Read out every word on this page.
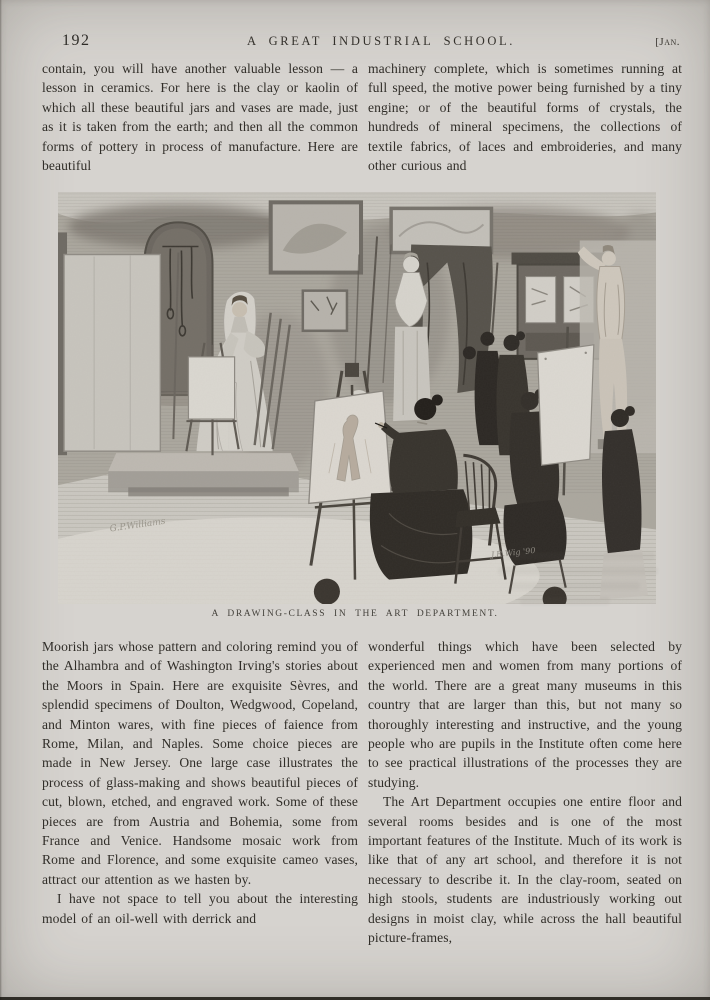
192	A GREAT INDUSTRIAL SCHOOL.	[Jan.

contain, you will have another valuable lesson — a lesson in ceramics. For here is the clay or kaolin of which all these beautiful jars and vases are made, just as it is taken from the earth; and then all the common forms of pottery in process of manufacture. Here are beautiful

machinery complete, which is sometimes running at full speed, the motive power being furnished by a tiny engine; or of the beautiful forms of crystals, the hundreds of mineral specimens, the collections of textile fabrics, of laces and embroideries, and many other curious and

A DRAWING-CLASS IN THE ART DEPARTMENT.

Moorish jars whose pattern and coloring remind you of the Alhambra and of Washington Irving's stories about the Moors in Spain. Here are exquisite Sèvres, and splendid specimens of Doulton, Wedgwood, Copeland, and Minton wares, with fine pieces of faience from Rome, Milan, and Naples. Some choice pieces are made in New Jersey. One large case illustrates the process of glass-making and shows beautiful pieces of cut, blown, etched, and engraved work. Some of these pieces are from Austria and Bohemia, some from France and Venice. Handsome mosaic work from Rome and Florence, and some exquisite cameo vases, attract our attention as we hasten by.

I have not space to tell you about the interesting model of an oil-well with derrick and

wonderful things which have been selected by experienced men and women from many portions of the world. There are a great many museums in this country that are larger than this, but not many so thoroughly interesting and instructive, and the young people who are pupils in the Institute often come here to see practical illustrations of the processes they are studying.

The Art Department occupies one entire floor and several rooms besides and is one of the most important features of the Institute. Much of its work is like that of any art school, and therefore it is not necessary to describe it. In the clay-room, seated on high stools, students are industriously working out designs in moist clay, while across the hall beautiful picture-frames,
